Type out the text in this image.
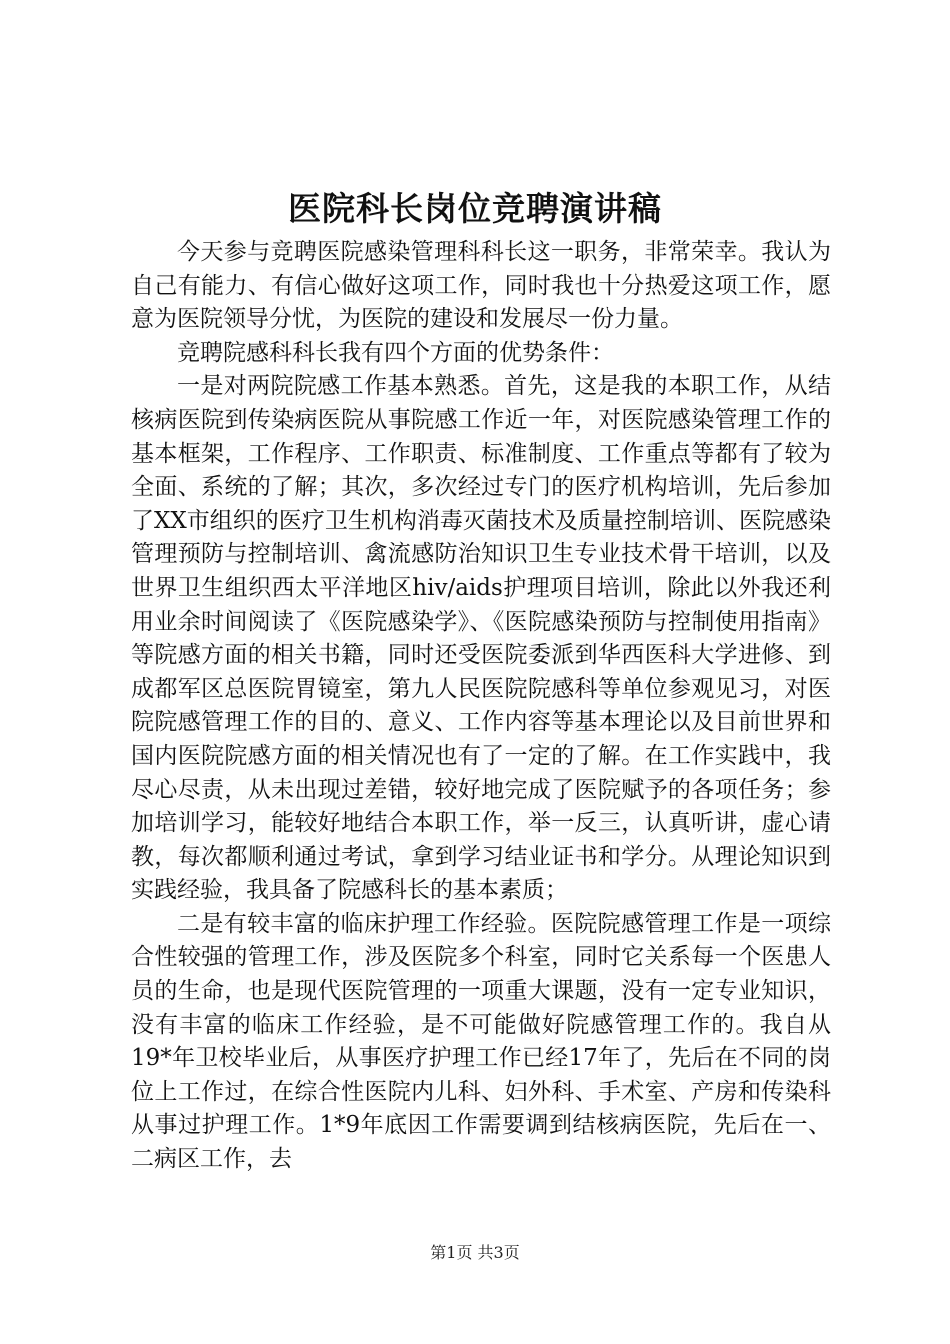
医院科长岗位竞聘演讲稿

今天参与竞聘医院感染管理科科长这一职务，非常荣幸。我认为自己有能力、有信心做好这项工作，同时我也十分热爱这项工作，愿意为医院领导分忧，为医院的建设和发展尽一份力量。

竞聘院感科科长我有四个方面的优势条件：

一是对两院院感工作基本熟悉。首先，这是我的本职工作，从结核病医院到传染病医院从事院感工作近一年，对医院感染管理工作的基本框架，工作程序、工作职责、标准制度、工作重点等都有了较为全面、系统的了解；其次，多次经过专门的医疗机构培训，先后参加了XX市组织的医疗卫生机构消毒灭菌技术及质量控制培训、医院感染管理预防与控制培训、禽流感防治知识卫生专业技术骨干培训，以及世界卫生组织西太平洋地区hiv/aids护理项目培训，除此以外我还利用业余时间阅读了《医院感染学》、《医院感染预防与控制使用指南》等院感方面的相关书籍，同时还受医院委派到华西医科大学进修、到成都军区总医院胃镜室，第九人民医院院感科等单位参观见习，对医院院感管理工作的目的、意义、工作内容等基本理论以及目前世界和国内医院院感方面的相关情况也有了一定的了解。在工作实践中，我尽心尽责，从未出现过差错，较好地完成了医院赋予的各项任务；参加培训学习，能较好地结合本职工作，举一反三，认真听讲，虚心请教，每次都顺利通过考试，拿到学习结业证书和学分。从理论知识到实践经验，我具备了院感科长的基本素质；

二是有较丰富的临床护理工作经验。医院院感管理工作是一项综合性较强的管理工作，涉及医院多个科室，同时它关系每一个医患人员的生命，也是现代医院管理的一项重大课题，没有一定专业知识，没有丰富的临床工作经验，是不可能做好院感管理工作的。我自从19*年卫校毕业后，从事医疗护理工作已经17年了，先后在不同的岗位上工作过，在综合性医院内儿科、妇外科、手术室、产房和传染科从事过护理工作。1*9年底因工作需要调到结核病医院，先后在一、二病区工作，去

第1页 共3页
